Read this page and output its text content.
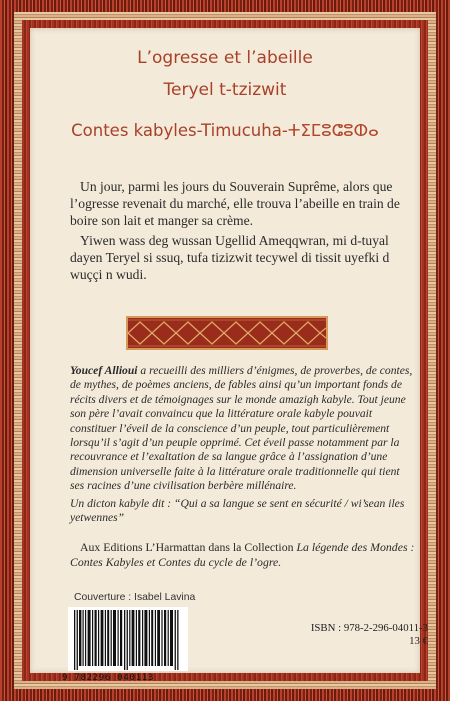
L’ogresse et l’abeille
Teryel t-tzizwit
Contes kabyles-Timucuha-ⵜⵉⵎⵓⵛⵓⵀⴰ
Un jour, parmi les jours du Souverain Suprême, alors que l’ogresse revenait du marché, elle trouva l’abeille en train de boire son lait et manger sa crème.
Yiwen wass deg wussan Ugellid Ameqqwran, mi d-tuyal dayen Teryel si ssuq, tufa tizizwit tecywel di tissit uyefki d wuççi n wudi.
Youcef Allioui a recueilli des milliers d’énigmes, de proverbes, de contes, de mythes, de poèmes anciens, de fables ainsi qu’un important fonds de récits divers et de témoignages sur le monde amazigh kabyle. Tout jeune son père l’avait convaincu que la littérature orale kabyle pouvait constituer l’éveil de la conscience d’un peuple, tout particulièrement lorsqu’il s’agit d’un peuple opprimé. Cet éveil passe notamment par la recouvrance et l’exaltation de sa langue grâce à l’assignation d’une dimension universelle faite à la littérature orale traditionnelle qui tient ses racines d’une civilisation berbère millénaire.
Un dicton kabyle dit : “Qui a sa langue se sent en sécurité / wi’sean iles yetwennes”
Aux Editions L’Harmattan dans la Collection La légende des Mondes : Contes Kabyles et Contes du cycle de l’ogre.
Couverture : Isabel Lavina
9 782296 040113
ISBN : 978-2-296-04011-3
13 €
